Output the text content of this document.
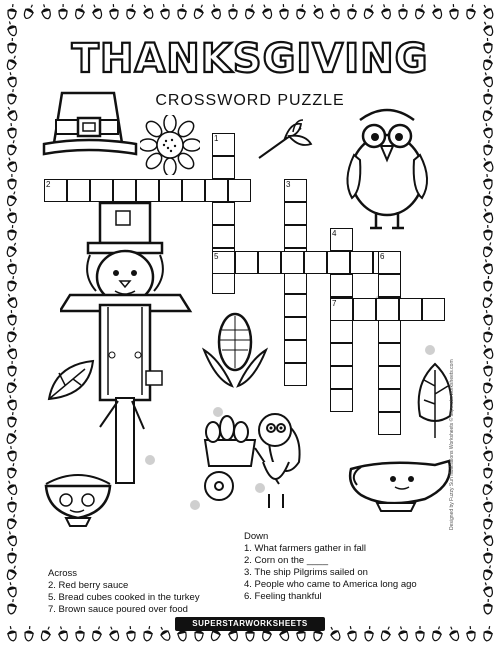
THANKSGIVING
CROSSWORD PUZZLE
1
2	3
4
5	6
7
Across
2. Red berry sauce
5. Bread cubes cooked in the turkey
7. Brown sauce poured over food
Down
1. What farmers gather in fall
2. Corn on the ____
3. The ship Pilgrims sailed on
4. People who came to America long ago
6. Feeling thankful
SUPERSTARWORKSHEETS
Designed by Fuzzy Sun Illustrations Worksheets © superstarworksheets.com
